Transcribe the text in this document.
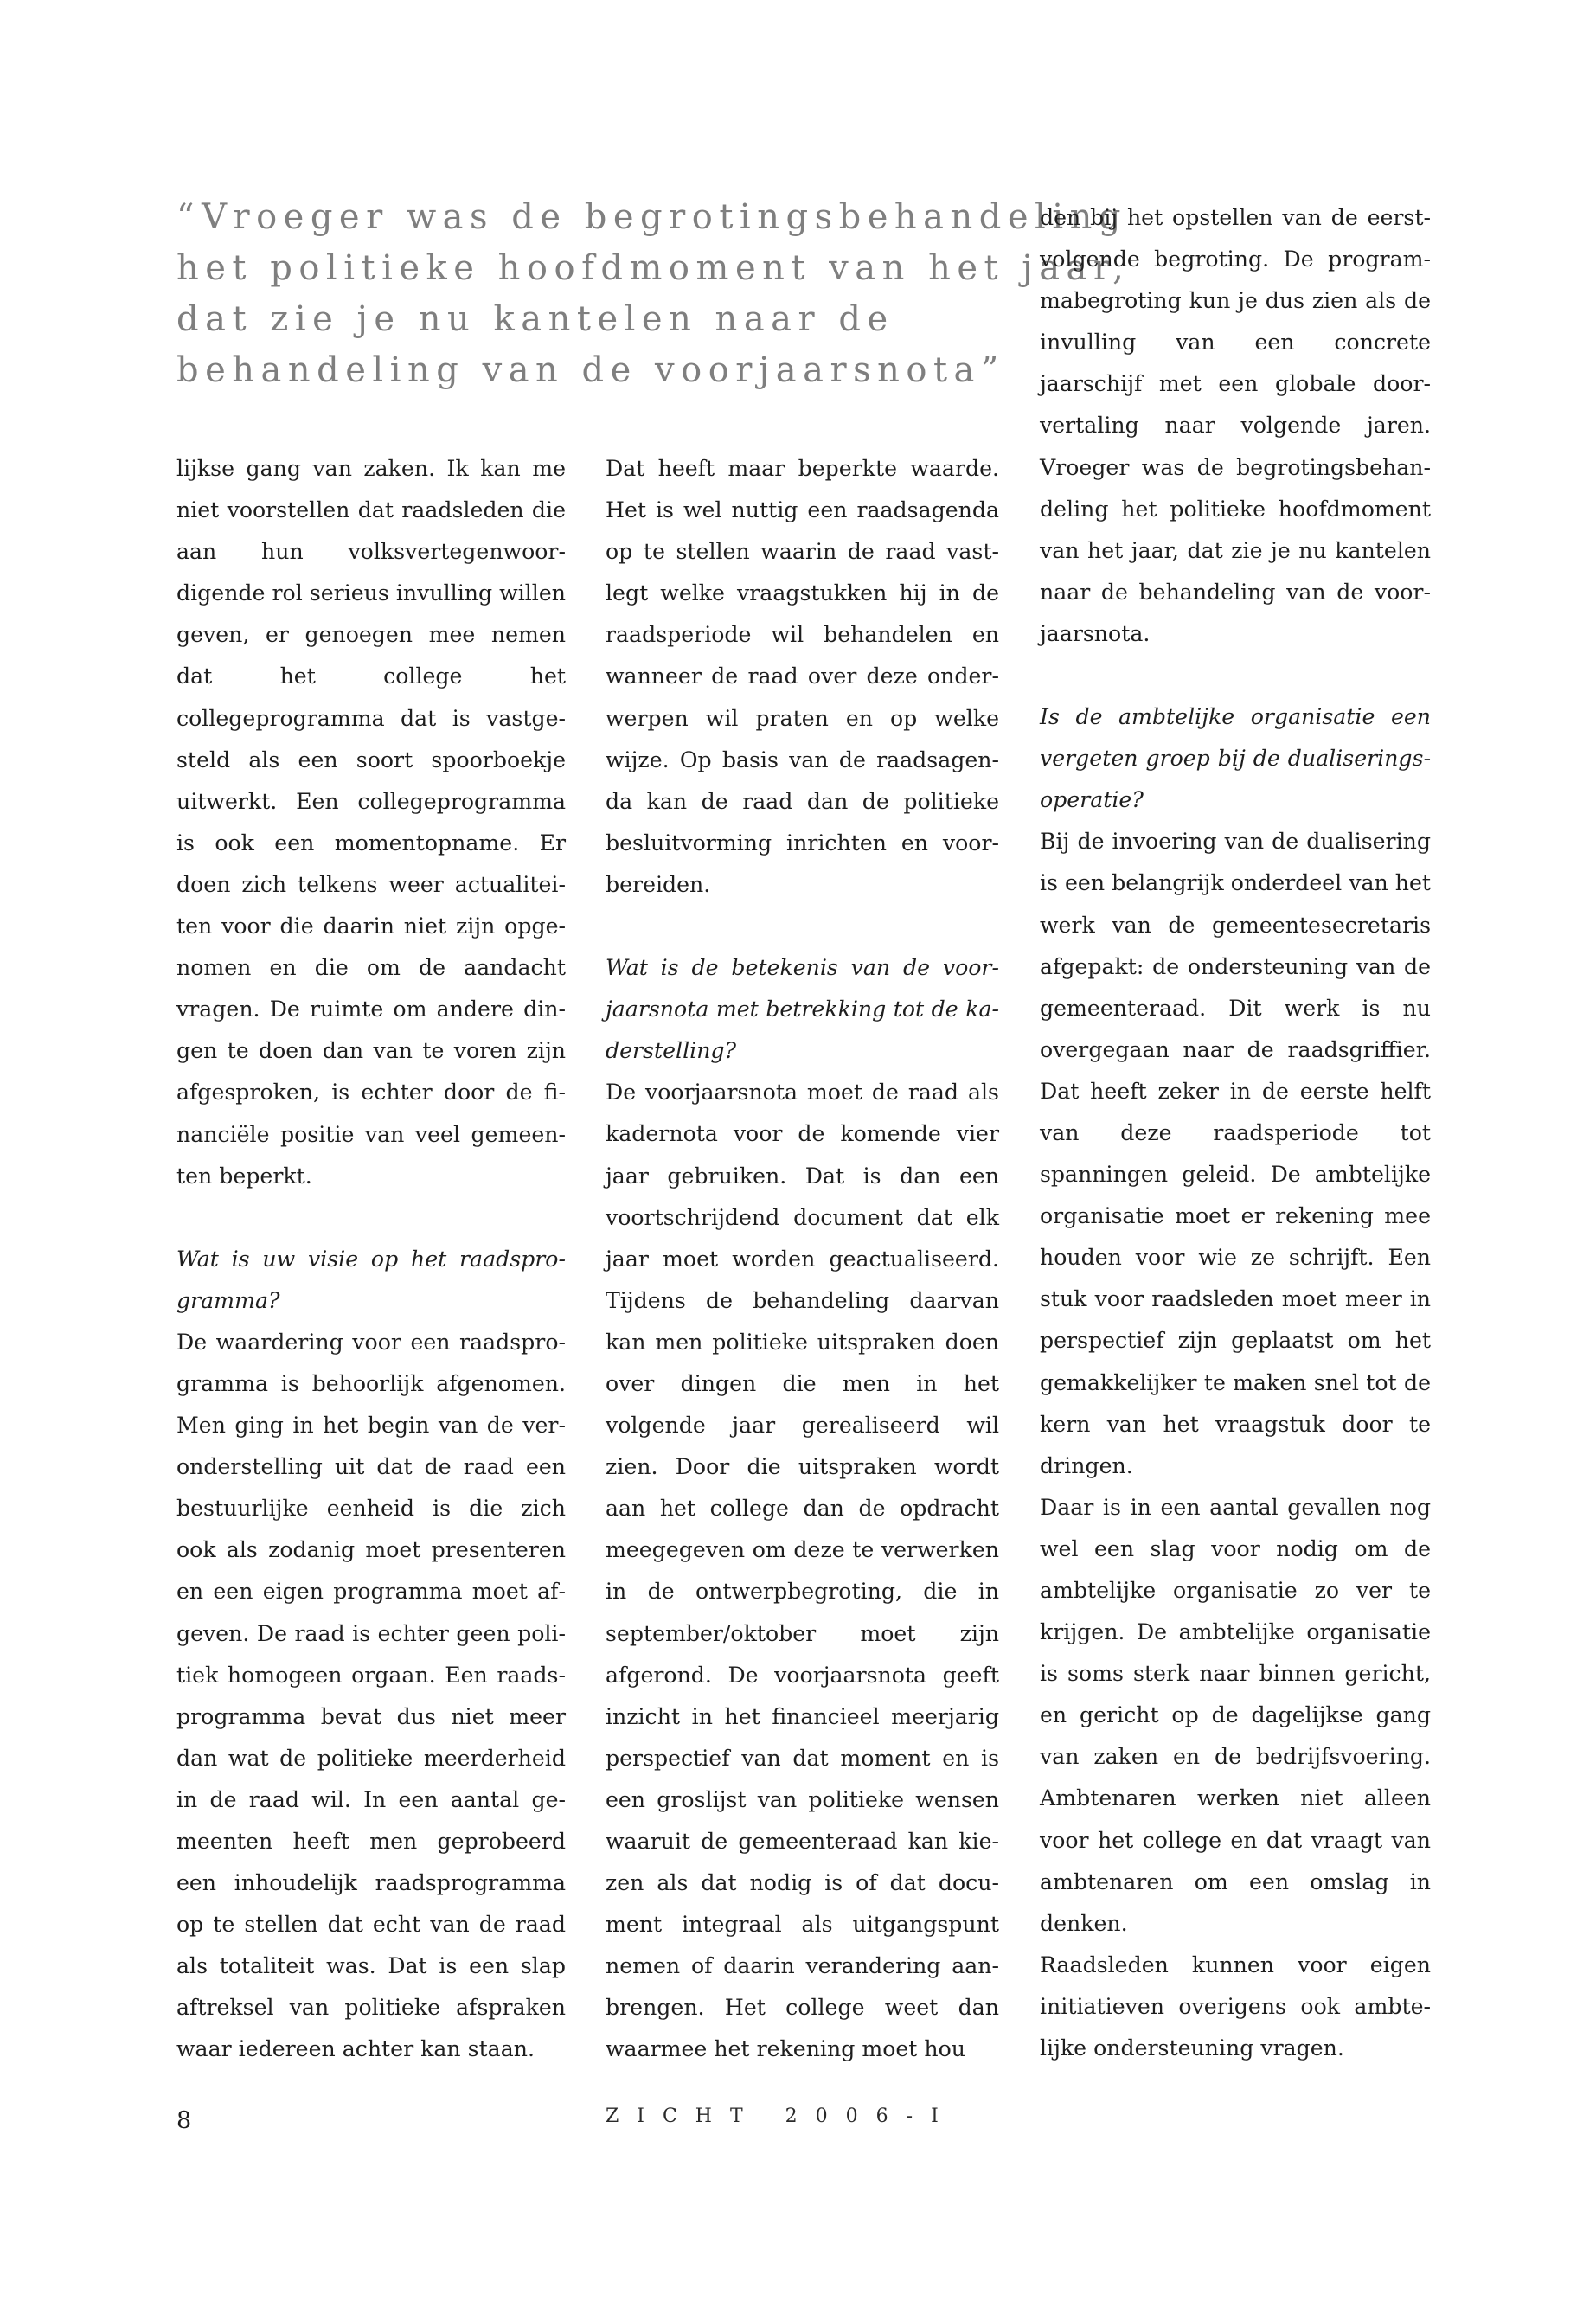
“Vroeger was de begrotingsbehandeling
het politieke hoofdmoment van het jaar,
dat zie je nu kantelen naar de
behandeling van de voorjaarsnota”

lijkse gang van zaken. Ik kan me niet voorstellen dat raadsleden die aan hun volksvertegenwoordigende rol serieus invulling willen geven, er genoegen mee nemen dat het college het collegeprogramma dat is vastgesteld als een soort spoorboekje uitwerkt. Een collegeprogramma is ook een momentopname. Er doen zich telkens weer actualiteiten voor die daarin niet zijn opgenomen en die om de aandacht vragen. De ruimte om andere dingen te doen dan van te voren zijn afgesproken, is echter door de financiële positie van veel gemeenten beperkt.

Wat is uw visie op het raadsprogramma?

De waardering voor een raadsprogramma is behoorlijk afgenomen. Men ging in het begin van de veronderstelling uit dat de raad een bestuurlijke eenheid is die zich ook als zodanig moet presenteren en een eigen programma moet afgeven. De raad is echter geen politiek homogeen orgaan. Een raadsprogramma bevat dus niet meer dan wat de politieke meerderheid in de raad wil. In een aantal gemeenten heeft men geprobeerd een inhoudelijk raadsprogramma op te stellen dat echt van de raad als totaliteit was. Dat is een slap aftreksel van politieke afspraken waar iedereen achter kan staan.

Dat heeft maar beperkte waarde. Het is wel nuttig een raadsagenda op te stellen waarin de raad vastlegt welke vraagstukken hij in de raadsperiode wil behandelen en wanneer de raad over deze onderwerpen wil praten en op welke wijze. Op basis van de raadsagenda kan de raad dan de politieke besluitvorming inrichten en voorbereiden.

Wat is de betekenis van de voorjaarsnota met betrekking tot de kaderstelling?

De voorjaarsnota moet de raad als kadernota voor de komende vier jaar gebruiken. Dat is dan een voortschrijdend document dat elk jaar moet worden geactualiseerd. Tijdens de behandeling daarvan kan men politieke uitspraken doen over dingen die men in het volgende jaar gerealiseerd wil zien. Door die uitspraken wordt aan het college dan de opdracht meegegeven om deze te verwerken in de ontwerpbegroting, die in september/oktober moet zijn afgerond. De voorjaarsnota geeft inzicht in het financieel meerjarig perspectief van dat moment en is een groslijst van politieke wensen waaruit de gemeenteraad kan kiezen als dat nodig is of dat document integraal als uitgangspunt nemen of daarin verandering aanbrengen. Het college weet dan waarmee het rekening moet hou

den bij het opstellen van de eerstvolgende begroting. De programmabegroting kun je dus zien als de invulling van een concrete jaarschijf met een globale doorvertaling naar volgende jaren. Vroeger was de begrotingsbehandeling het politieke hoofdmoment van het jaar, dat zie je nu kantelen naar de behandeling van de voorjaarsnota.

Is de ambtelijke organisatie een vergeten groep bij de dualiseringsoperatie?

Bij de invoering van de dualisering is een belangrijk onderdeel van het werk van de gemeentesecretaris afgepakt: de ondersteuning van de gemeenteraad. Dit werk is nu overgegaan naar de raadsgriffier. Dat heeft zeker in de eerste helft van deze raadsperiode tot spanningen geleid. De ambtelijke organisatie moet er rekening mee houden voor wie ze schrijft. Een stuk voor raadsleden moet meer in perspectief zijn geplaatst om het gemakkelijker te maken snel tot de kern van het vraagstuk door te dringen.

Daar is in een aantal gevallen nog wel een slag voor nodig om de ambtelijke organisatie zo ver te krijgen. De ambtelijke organisatie is soms sterk naar binnen gericht, en gericht op de dagelijkse gang van zaken en de bedrijfsvoering. Ambtenaren werken niet alleen voor het college en dat vraagt van ambtenaren om een omslag in denken.

Raadsleden kunnen voor eigen initiatieven overigens ook ambtelijke ondersteuning vragen.

8	ZICHT 2006-I
